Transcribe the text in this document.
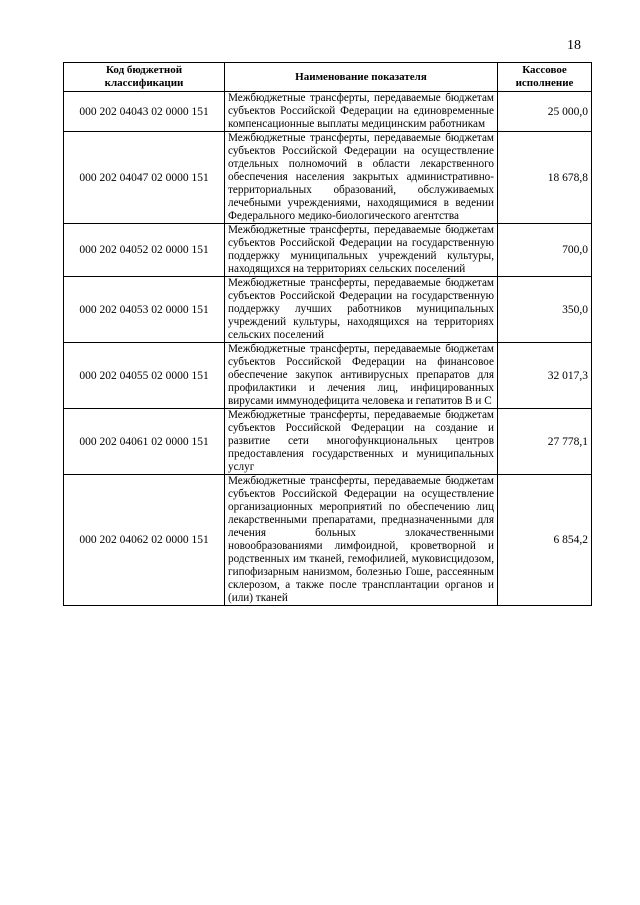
18
Код бюджетной классификации	Наименование показателя	Кассовое исполнение
000 202 04043 02 0000 151	Межбюджетные трансферты, передаваемые бюджетам субъектов Российской Федерации на единовременные компенсационные выплаты медицинским работникам	25 000,0
000 202 04047 02 0000 151	Межбюджетные трансферты, передаваемые бюджетам субъектов Российской Федерации на осуществление отдельных полномочий в области лекарственного обеспечения населения закрытых административно-территориальных образований, обслуживаемых лечебными учреждениями, находящимися в ведении Федерального медико-биологического агентства	18 678,8
000 202 04052 02 0000 151	Межбюджетные трансферты, передаваемые бюджетам субъектов Российской Федерации на государственную поддержку муниципальных учреждений культуры, находящихся на территориях сельских поселений	700,0
000 202 04053 02 0000 151	Межбюджетные трансферты, передаваемые бюджетам субъектов Российской Федерации на государственную поддержку лучших работников муниципальных учреждений культуры, находящихся на территориях сельских поселений	350,0
000 202 04055 02 0000 151	Межбюджетные трансферты, передаваемые бюджетам субъектов Российской Федерации на финансовое обеспечение закупок антивирусных препаратов для профилактики и лечения лиц, инфицированных вирусами иммунодефицита человека и гепатитов B и C	32 017,3
000 202 04061 02 0000 151	Межбюджетные трансферты, передаваемые бюджетам субъектов Российской Федерации на создание и развитие сети многофункциональных центров предоставления государственных и муниципальных услуг	27 778,1
000 202 04062 02 0000 151	Межбюджетные трансферты, передаваемые бюджетам субъектов Российской Федерации на осуществление организационных мероприятий по обеспечению лиц лекарственными препаратами, предназначенными для лечения больных злокачественными новообразованиями лимфоидной, кроветворной и родственных им тканей, гемофилией, муковисцидозом, гипофизарным нанизмом, болезнью Гоше, рассеянным склерозом, а также после трансплантации органов и (или) тканей	6 854,2
